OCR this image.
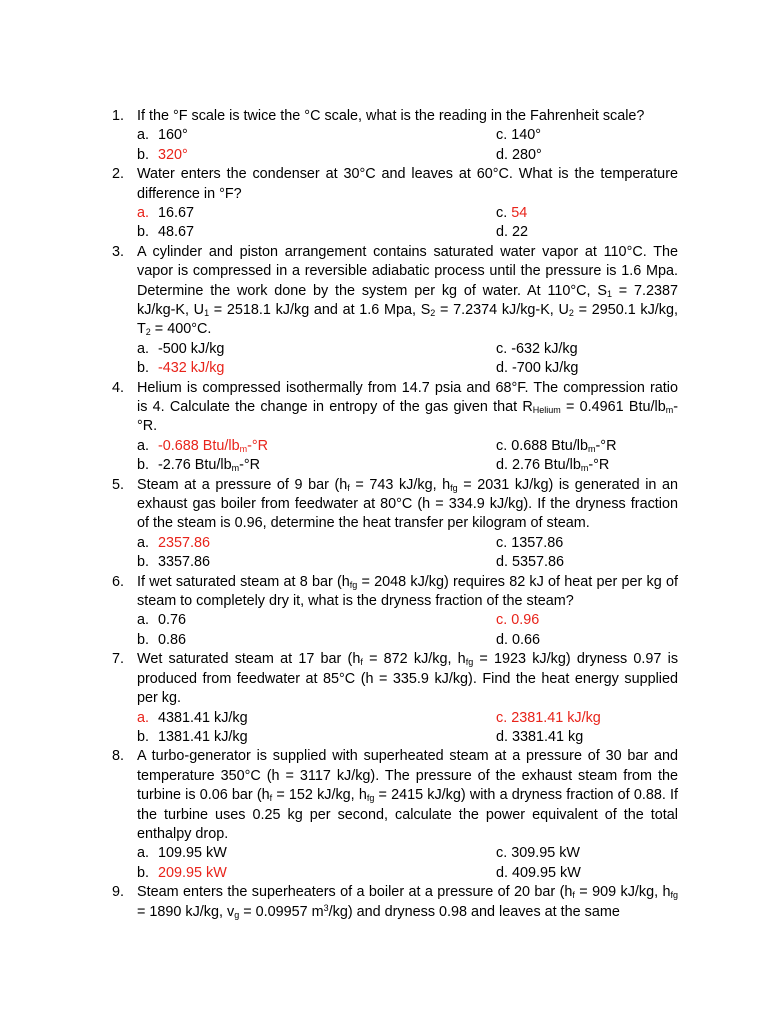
1. If the °F scale is twice the °C scale, what is the reading in the Fahrenheit scale?
a. 160°	c. 140°
b. 320°	d. 280°
2. Water enters the condenser at 30°C and leaves at 60°C. What is the temperature difference in °F?
a. 16.67	c. 54
b. 48.67	d. 22
3. A cylinder and piston arrangement contains saturated water vapor at 110°C. The vapor is compressed in a reversible adiabatic process until the pressure is 1.6 Mpa. Determine the work done by the system per kg of water. At 110°C, $S_1 = 7.2387$ kJ/kg-K, $U_1 = 2518.1$ kJ/kg and at 1.6 Mpa, $S_2 = 7.2374$ kJ/kg-K, $U_2 = 2950.1$ kJ/kg, $T_2 = 400^\circ C$.
a. -500 kJ/kg	c. -632 kJ/kg
b. -432 kJ/kg	d. -700 kJ/kg
4. Helium is compressed isothermally from 14.7 psia and 68°F. The compression ratio is 4. Calculate the change in entropy of the gas given that $R_{Helium} = 0.4961$ Btu/$lb_m-^\circ R$.
a. -0.688 Btu/$lb_m-^\circ R$	c. 0.688 Btu/$lb_m-^\circ R$
b. -2.76 Btu/$lb_m-^\circ R$	d. 2.76 Btu/$lb_m-^\circ R$
5. Steam at a pressure of 9 bar ($h_f = 743$ kJ/kg, $h_{fg} = 2031$ kJ/kg) is generated in an exhaust gas boiler from feedwater at 80°C (h = 334.9 kJ/kg). If the dryness fraction of the steam is 0.96, determine the heat transfer per kilogram of steam.
a. 2357.86	c. 1357.86
b. 3357.86	d. 5357.86
6. If wet saturated steam at 8 bar ($h_{fg} = 2048$ kJ/kg) requires 82 kJ of heat per per kg of steam to completely dry it, what is the dryness fraction of the steam?
a. 0.76	c. 0.96
b. 0.86	d. 0.66
7. Wet saturated steam at 17 bar ($h_f = 872$ kJ/kg, $h_{fg} = 1923$ kJ/kg) dryness 0.97 is produced from feedwater at 85°C (h = 335.9 kJ/kg). Find the heat energy supplied per kg.
a. 4381.41 kJ/kg	c. 2381.41 kJ/kg
b. 1381.41 kJ/kg	d. 3381.41 kg
8. A turbo-generator is supplied with superheated steam at a pressure of 30 bar and temperature 350°C (h = 3117 kJ/kg). The pressure of the exhaust steam from the turbine is 0.06 bar ($h_f = 152$ kJ/kg, $h_{fg} = 2415$ kJ/kg) with a dryness fraction of 0.88. If the turbine uses 0.25 kg per second, calculate the power equivalent of the total enthalpy drop.
a. 109.95 kW	c. 309.95 kW
b. 209.95 kW	d. 409.95 kW
9. Steam enters the superheaters of a boiler at a pressure of 20 bar ($h_f = 909$ kJ/kg, $h_{fg} = 1890$ kJ/kg, $v_g = 0.09957$ $m^3/kg$) and dryness 0.98 and leaves at the same
